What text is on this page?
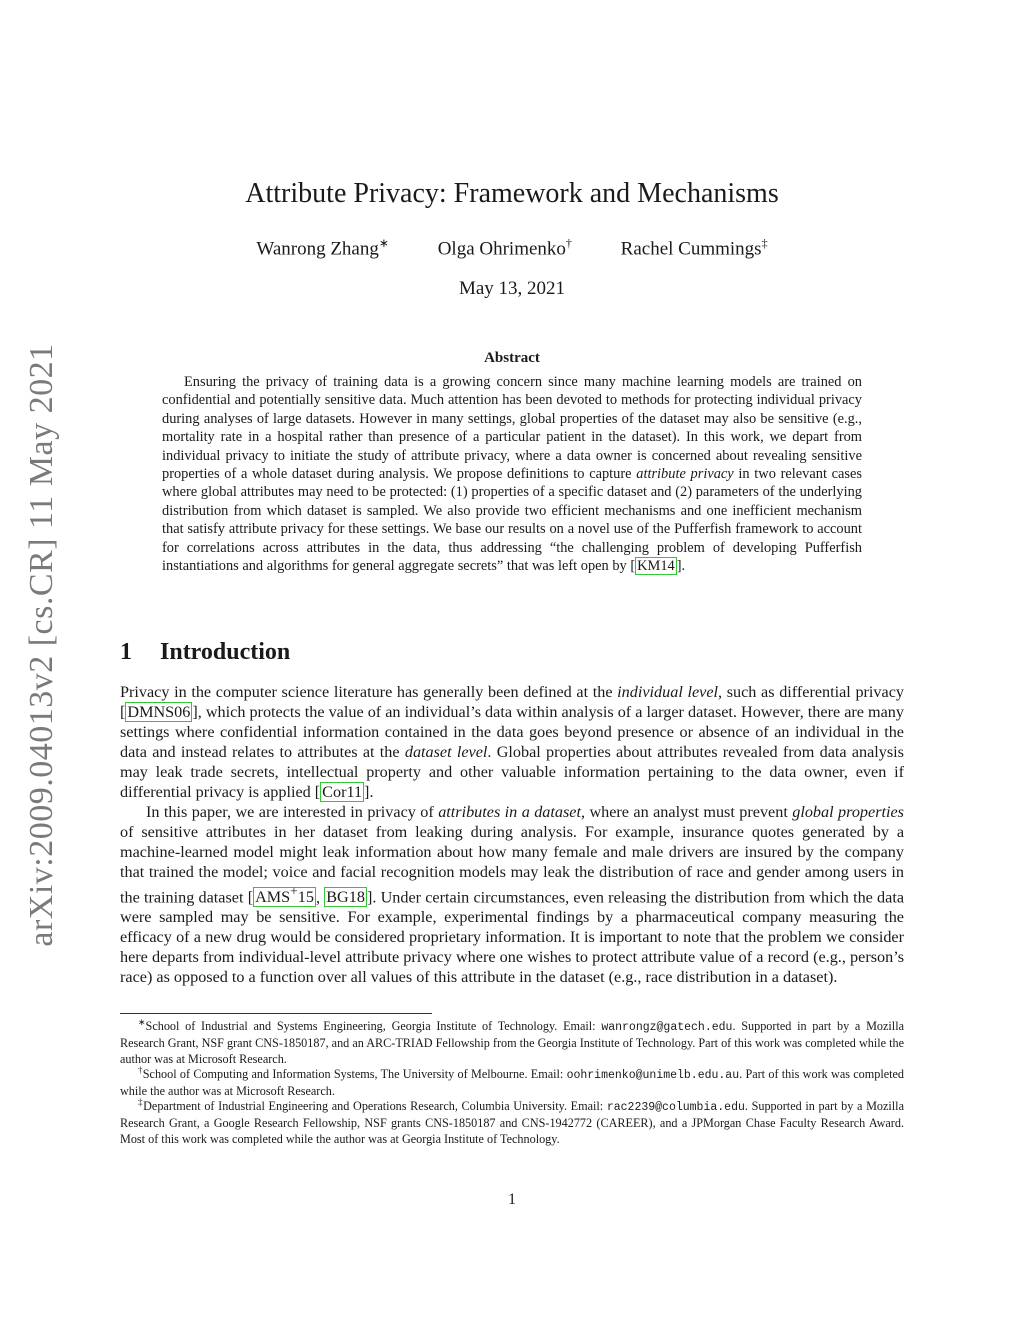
arXiv:2009.04013v2 [cs.CR] 11 May 2021
Attribute Privacy: Framework and Mechanisms
Wanrong Zhang∗	Olga Ohrimenko†	Rachel Cummings‡
May 13, 2021
Abstract
Ensuring the privacy of training data is a growing concern since many machine learning models are trained on confidential and potentially sensitive data. Much attention has been devoted to methods for protecting individual privacy during analyses of large datasets. However in many settings, global properties of the dataset may also be sensitive (e.g., mortality rate in a hospital rather than presence of a particular patient in the dataset). In this work, we depart from individual privacy to initiate the study of attribute privacy, where a data owner is concerned about revealing sensitive properties of a whole dataset during analysis. We propose definitions to capture attribute privacy in two relevant cases where global attributes may need to be protected: (1) properties of a specific dataset and (2) parameters of the underlying distribution from which dataset is sampled. We also provide two efficient mechanisms and one inefficient mechanism that satisfy attribute privacy for these settings. We base our results on a novel use of the Pufferfish framework to account for correlations across attributes in the data, thus addressing “the challenging problem of developing Pufferfish instantiations and algorithms for general aggregate secrets” that was left open by [ KM14 ].
1 Introduction
Privacy in the computer science literature has generally been defined at the individual level, such as differential privacy [ DMNS06 ], which protects the value of an individual’s data within analysis of a larger dataset. However, there are many settings where confidential information contained in the data goes beyond presence or absence of an individual in the data and instead relates to attributes at the dataset level. Global properties about attributes revealed from data analysis may leak trade secrets, intellectual property and other valuable information pertaining to the data owner, even if differential privacy is applied [ Cor11 ].
In this paper, we are interested in privacy of attributes in a dataset, where an analyst must prevent global properties of sensitive attributes in her dataset from leaking during analysis. For example, insurance quotes generated by a machine-learned model might leak information about how many female and male drivers are insured by the company that trained the model; voice and facial recognition models may leak the distribution of race and gender among users in the training dataset [ AMS+15 , BG18 ]. Under certain circumstances, even releasing the distribution from which the data were sampled may be sensitive. For example, experimental findings by a pharmaceutical company measuring the efficacy of a new drug would be considered proprietary information. It is important to note that the problem we consider here departs from individual-level attribute privacy where one wishes to protect attribute value of a record (e.g., person’s race) as opposed to a function over all values of this attribute in the dataset (e.g., race distribution in a dataset).

∗School of Industrial and Systems Engineering, Georgia Institute of Technology. Email: wanrongz@gatech.edu. Supported in part by a Mozilla Research Grant, NSF grant CNS-1850187, and an ARC-TRIAD Fellowship from the Georgia Institute of Technology. Part of this work was completed while the author was at Microsoft Research.

†School of Computing and Information Systems, The University of Melbourne. Email: oohrimenko@unimelb.edu.au. Part of this work was completed while the author was at Microsoft Research.

‡Department of Industrial Engineering and Operations Research, Columbia University. Email: rac2239@columbia.edu. Supported in part by a Mozilla Research Grant, a Google Research Fellowship, NSF grants CNS-1850187 and CNS-1942772 (CAREER), and a JPMorgan Chase Faculty Research Award. Most of this work was completed while the author was at Georgia Institute of Technology.

1
